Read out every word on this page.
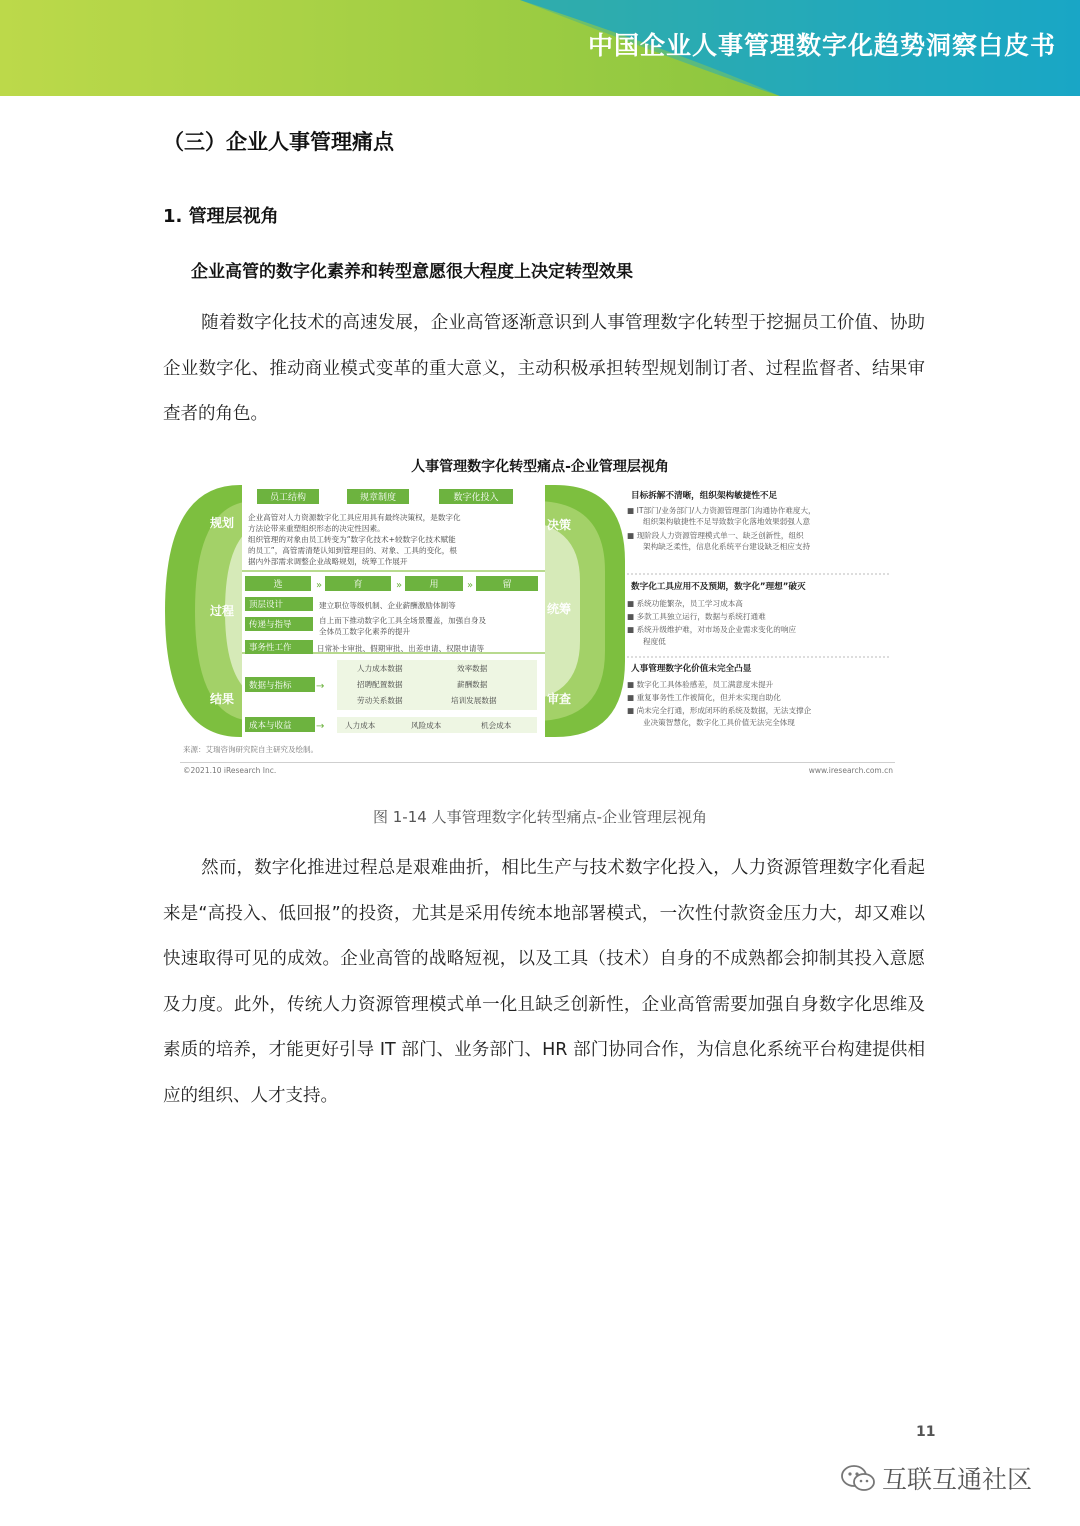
中国企业人事管理数字化趋势洞察白皮书
（三）企业人事管理痛点
1. 管理层视角
企业高管的数字化素养和转型意愿很大程度上决定转型效果

随着数字化技术的高速发展，企业高管逐渐意识到人事管理数字化转型于挖掘员工价值、协助企业数字化、推动商业模式变革的重大意义，主动积极承担转型规划制订者、过程监督者、结果审查者的角色。

人事管理数字化转型痛点-企业管理层视角
规划
过程
结果
决策
统筹
审查
员工结构	规章制度	数字化投入
企业高管对人力资源数字化工具应用具有最终决策权，是数字化
方法论带来重塑组织形态的决定性因素。
组织管理的对象由员工转变为“数字化技术+较数字化技术赋能
的员工”，高管需清楚认知到管理目的、对象、工具的变化，根
据内外部需求调整企业战略规划，统筹工作展开
选	»	育	»	用	»	留
顶层设计	建立职位等级机制、企业薪酬激励体制等
传递与指导	自上而下推动数字化工具全场景覆盖，加强自身及 全体员工数字化素养的提升
事务性工作	日常补卡审批、假期审批、出差申请、权限申请等
数据与指标 →
人力成本数据	效率数据
招聘配置数据	薪酬数据
劳动关系数据	培训发展数据
成本与收益 →	人力成本	风险成本	机会成本
目标拆解不清晰，组织架构敏捷性不足
■ IT部门/业务部门/人力资源管理部门沟通协作难度大， 组织架构敏捷性不足导致数字化落地效果弱强人意 ■ 现阶段人力资源管理模式单一、缺乏创新性，组织 架构缺乏柔性，信息化系统平台建设缺乏相应支持
数字化工具应用不及预期，数字化”理想”破灭
■ 系统功能繁杂，员工学习成本高 ■ 多款工具独立运行，数据与系统打通难 ■ 系统升级维护难，对市场及企业需求变化的响应 程度低
人事管理数字化价值未完全凸显
■ 数字化工具体验感差，员工满意度未提升 ■ 重复事务性工作被简化，但并未实现自助化 ■ 尚未完全打通，形成闭环的系统及数据，无法支撑企 业决策智慧化，数字化工具价值无法完全体现
来源：艾瑞咨询研究院自主研究及绘制。
©2021.10 iResearch Inc.	www.iresearch.com.cn
图 1-14 人事管理数字化转型痛点-企业管理层视角

然而，数字化推进过程总是艰难曲折，相比生产与技术数字化投入，人力资源管理数字化看起来是“高投入、低回报”的投资，尤其是采用传统本地部署模式，一次性付款资金压力大，却又难以快速取得可见的成效。企业高管的战略短视，以及工具（技术）自身的不成熟都会抑制其投入意愿及力度。此外，传统人力资源管理模式单一化且缺乏创新性，企业高管需要加强自身数字化思维及素质的培养，才能更好引导 IT 部门、业务部门、HR 部门协同合作，为信息化系统平台构建提供相应的组织、人才支持。

11
互联互通社区
